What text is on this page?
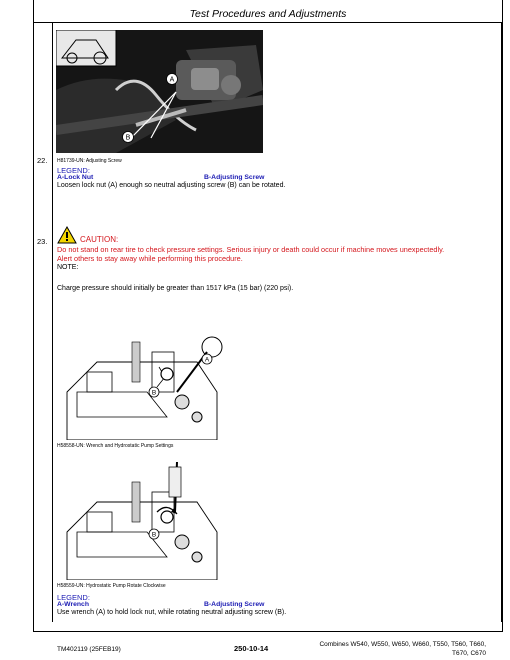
Test Procedures and Adjustments
A
B
22. H81739-UN: Adjusting Screw
LEGEND:
A-Lock Nut	B-Adjusting Screw
Loosen lock nut (A) enough so neutral adjusting screw (B) can be rotated.
23.	CAUTION:
Do not stand on rear tire to check pressure settings. Serious injury or death could occur if machine moves unexpectedly.
Alert others to stay away while performing this procedure.
NOTE:
Charge pressure should initially be greater than 1517 kPa (15 bar) (220 psi).
A
B
H58558-UN: Wrench and Hydrostatic Pump Settings
B
H58559-UN: Hydrostatic Pump Rotate Clockwise
LEGEND:
A-Wrench	B-Adjusting Screw
Use wrench (A) to hold lock nut, while rotating neutral adjusting screw (B).
TM402119 (25FEB19)	250-10-14	Combines W540, W550, W650, W660, T550, T560, T660,
T670, C670
